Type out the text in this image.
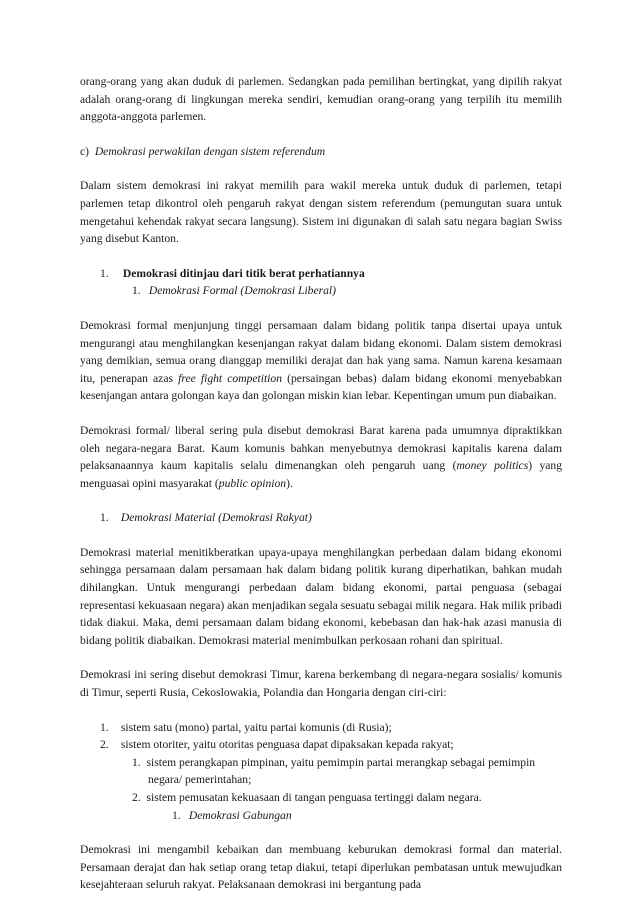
orang-orang yang akan duduk di parlemen. Sedangkan pada pemilihan bertingkat, yang dipilih rakyat adalah orang-orang di lingkungan mereka sendiri, kemudian orang-orang yang terpilih itu memilih anggota-anggota parlemen.

c) Demokrasi perwakilan dengan sistem referendum

Dalam sistem demokrasi ini rakyat memilih para wakil mereka untuk duduk di parlemen, tetapi parlemen tetap dikontrol oleh pengaruh rakyat dengan sistem referendum (pemungutan suara untuk mengetahui kehendak rakyat secara langsung). Sistem ini digunakan di salah satu negara bagian Swiss yang disebut Kanton.

1. Demokrasi ditinjau dari titik berat perhatiannya

1. Demokrasi Formal (Demokrasi Liberal)

Demokrasi formal menjunjung tinggi persamaan dalam bidang politik tanpa disertai upaya untuk mengurangi atau menghilangkan kesenjangan rakyat dalam bidang ekonomi. Dalam sistem demokrasi yang demikian, semua orang dianggap memiliki derajat dan hak yang sama. Namun karena kesamaan itu, penerapan azas free fight competition (persaingan bebas) dalam bidang ekonomi menyebabkan kesenjangan antara golongan kaya dan golongan miskin kian lebar. Kepentingan umum pun diabaikan.

Demokrasi formal/ liberal sering pula disebut demokrasi Barat karena pada umumnya dipraktikkan oleh negara-negara Barat. Kaum komunis bahkan menyebutnya demokrasi kapitalis karena dalam pelaksanaannya kaum kapitalis selalu dimenangkan oleh pengaruh uang (money politics) yang menguasai opini masyarakat (public opinion).

1. Demokrasi Material (Demokrasi Rakyat)

Demokrasi material menitikberatkan upaya-upaya menghilangkan perbedaan dalam bidang ekonomi sehingga persamaan dalam persamaan hak dalam bidang politik kurang diperhatikan, bahkan mudah dihilangkan. Untuk mengurangi perbedaan dalam bidang ekonomi, partai penguasa (sebagai representasi kekuasaan negara) akan menjadikan segala sesuatu sebagai milik negara. Hak milik pribadi tidak diakui. Maka, demi persamaan dalam bidang ekonomi, kebebasan dan hak-hak azasi manusia di bidang politik diabaikan. Demokrasi material menimbulkan perkosaan rohani dan spiritual.

Demokrasi ini sering disebut demokrasi Timur, karena berkembang di negara-negara sosialis/ komunis di Timur, seperti Rusia, Cekoslowakia, Polandia dan Hongaria dengan ciri-ciri:

1. sistem satu (mono) partai, yaitu partai komunis (di Rusia);

2. sistem otoriter, yaitu otoritas penguasa dapat dipaksakan kepada rakyat;

1. sistem perangkapan pimpinan, yaitu pemimpin partai merangkap sebagai pemimpin negara/ pemerintahan;

2. sistem pemusatan kekuasaan di tangan penguasa tertinggi dalam negara.

1. Demokrasi Gabungan

Demokrasi ini mengambil kebaikan dan membuang keburukan demokrasi formal dan material. Persamaan derajat dan hak setiap orang tetap diakui, tetapi diperlukan pembatasan untuk mewujudkan kesejahteraan seluruh rakyat. Pelaksanaan demokrasi ini bergantung pada
